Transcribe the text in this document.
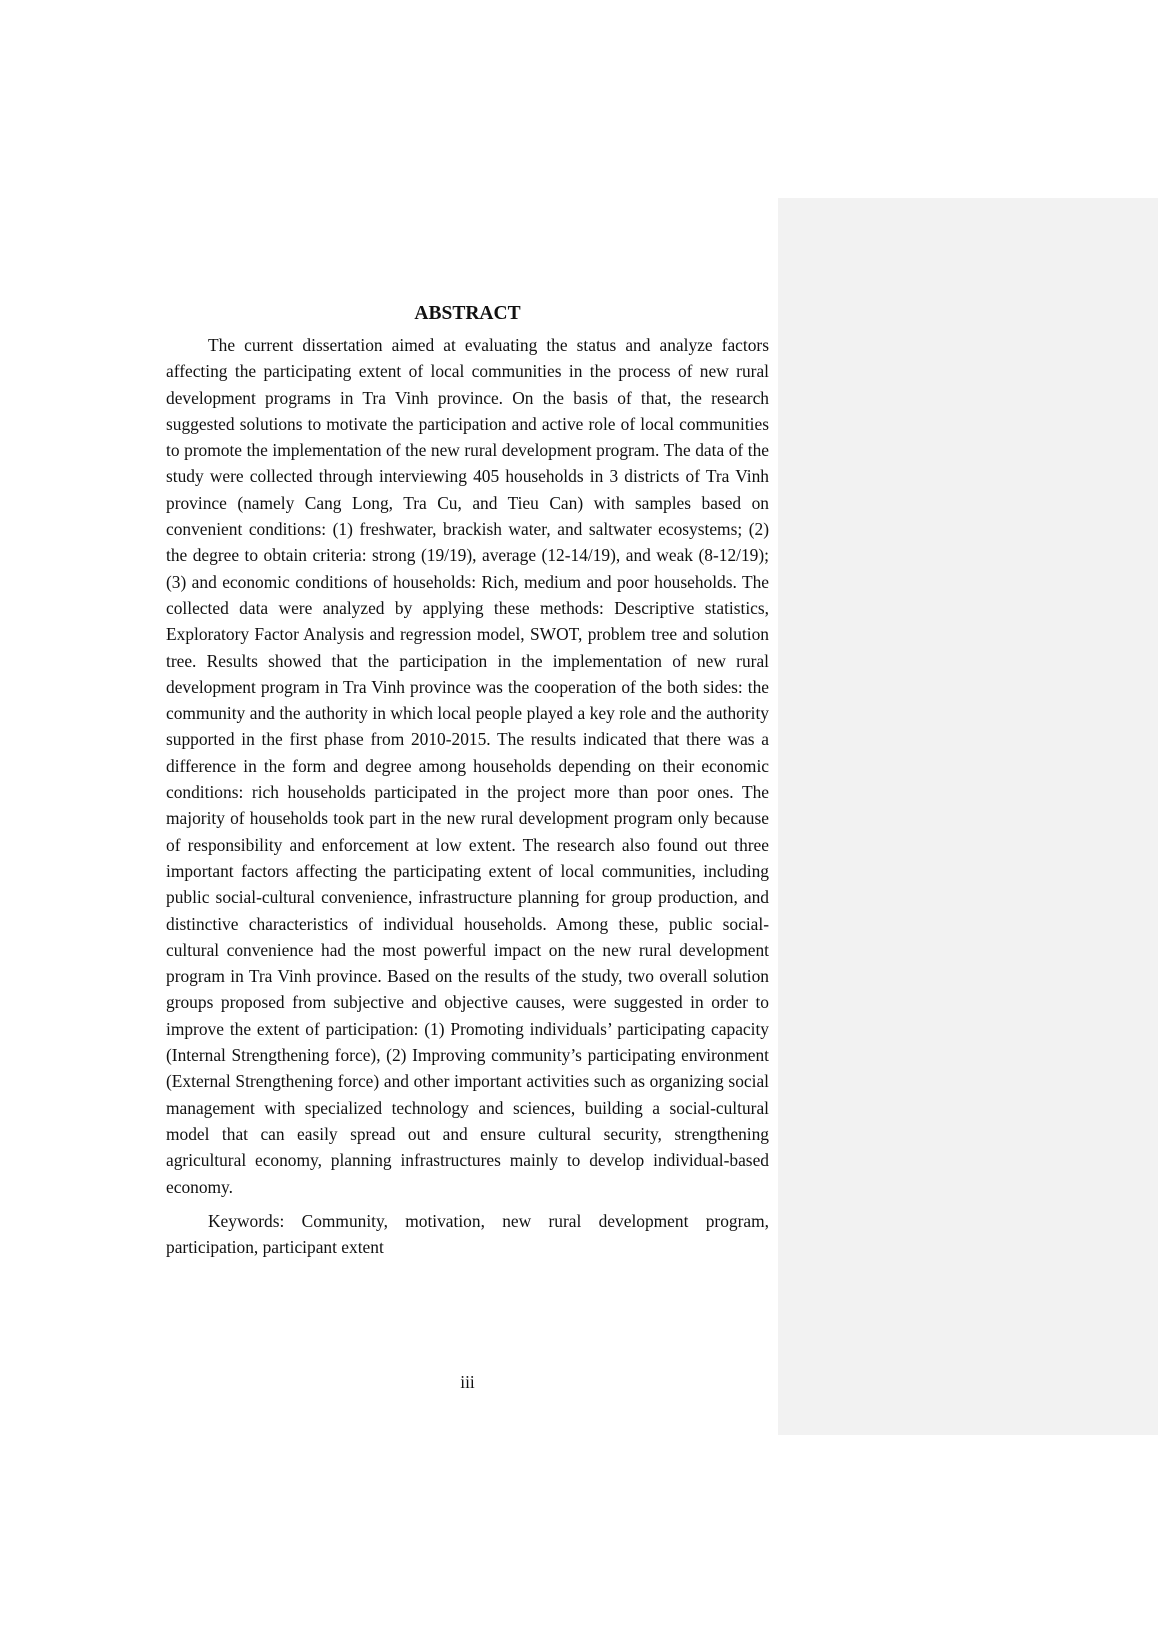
ABSTRACT

The current dissertation aimed at evaluating the status and analyze factors affecting the participating extent of local communities in the process of new rural development programs in Tra Vinh province. On the basis of that, the research suggested solutions to motivate the participation and active role of local communities to promote the implementation of the new rural development program. The data of the study were collected through interviewing 405 households in 3 districts of Tra Vinh province (namely Cang Long, Tra Cu, and Tieu Can) with samples based on convenient conditions: (1) freshwater, brackish water, and saltwater ecosystems; (2) the degree to obtain criteria: strong (19/19), average (12-14/19), and weak (8-12/19); (3) and economic conditions of households: Rich, medium and poor households. The collected data were analyzed by applying these methods: Descriptive statistics, Exploratory Factor Analysis and regression model, SWOT, problem tree and solution tree. Results showed that the participation in the implementation of new rural development program in Tra Vinh province was the cooperation of the both sides: the community and the authority in which local people played a key role and the authority supported in the first phase from 2010-2015. The results indicated that there was a difference in the form and degree among households depending on their economic conditions: rich households participated in the project more than poor ones. The majority of households took part in the new rural development program only because of responsibility and enforcement at low extent. The research also found out three important factors affecting the participating extent of local communities, including public social-cultural convenience, infrastructure planning for group production, and distinctive characteristics of individual households. Among these, public social-cultural convenience had the most powerful impact on the new rural development program in Tra Vinh province. Based on the results of the study, two overall solution groups proposed from subjective and objective causes, were suggested in order to improve the extent of participation: (1) Promoting individuals’ participating capacity (Internal Strengthening force), (2) Improving community’s participating environment (External Strengthening force) and other important activities such as organizing social management with specialized technology and sciences, building a social-cultural model that can easily spread out and ensure cultural security, strengthening agricultural economy, planning infrastructures mainly to develop individual-based economy.

Keywords: Community, motivation, new rural development program, participation, participant extent

iii
